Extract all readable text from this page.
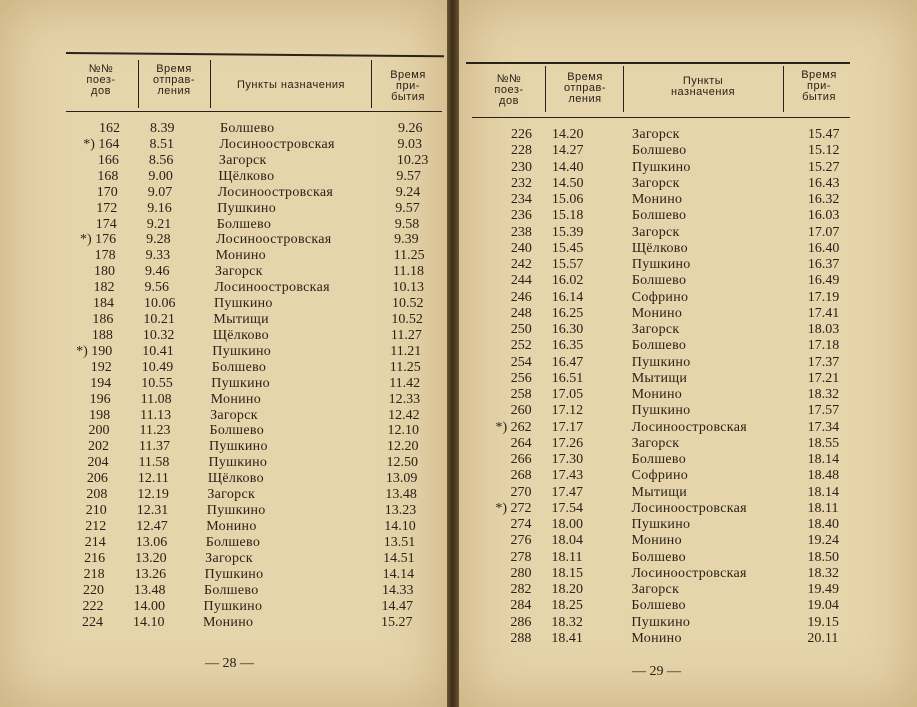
№№
поез-
дов
Время
отправ-
ления	Пункты назначения
Время
при-
бытия
162 8.39	Болшево	9.26
*) 164 8.51	Лосиноостровская	9.03
166 8.56	Загорск	10.23
168 9.00	Щёлково	9.57
170 9.07	Лосиноостровская	9.24
172 9.16	Пушкино	9.57
174 9.21	Болшево	9.58
*) 176 9.28	Лосиноостровская	9.39
178 9.33	Монино	11.25
180 9.46	Загорск	11.18
182 9.56	Лосиноостровская	10.13
184 10.06	Пушкино	10.52
186 10.21	Мытищи	10.52
188 10.32	Щёлково	11.27
*) 190 10.41	Пушкино	11.21
192 10.49	Болшево	11.25
194 10.55	Пушкино	11.42
196 11.08	Монино	12.33
198 11.13	Загорск	12.42
200 11.23	Болшево	12.10
202 11.37	Пушкино	12.20
204 11.58	Пушкино	12.50
206 12.11	Щёлково	13.09
208 12.19	Загорск	13.48
210 12.31	Пушкино	13.23
212 12.47	Монино	14.10
214 13.06	Болшево	13.51
216 13.20	Загорск	14.51
218 13.26	Пушкино	14.14
220 13.48	Болшево	14.33
222 14.00	Пушкино	14.47
224 14.10	Монино	15.27
— 28 —
№№
поез-
дов
Время
отправ-
ления
Пункты
назначения
Время
при-
бытия
226 14.20	Загорск	15.47
228 14.27	Болшево	15.12
230 14.40	Пушкино	15.27
232 14.50	Загорск	16.43
234 15.06	Монино	16.32
236 15.18	Болшево	16.03
238 15.39	Загорск	17.07
240 15.45	Щёлково	16.40
242 15.57	Пушкино	16.37
244 16.02	Болшево	16.49
246 16.14	Софрино	17.19
248 16.25	Монино	17.41
250 16.30	Загорск	18.03
252 16.35	Болшево	17.18
254 16.47	Пушкино	17.37
256 16.51	Мытищи	17.21
258 17.05	Монино	18.32
260 17.12	Пушкино	17.57
*) 262 17.17	Лосиноостровская	17.34
264 17.26	Загорск	18.55
266 17.30	Болшево	18.14
268 17.43	Софрино	18.48
270 17.47	Мытищи	18.14
*) 272 17.54	Лосиноостровская	18.11
274 18.00	Пушкино	18.40
276 18.04	Монино	19.24
278 18.11	Болшево	18.50
280 18.15	Лосиноостровская	18.32
282 18.20	Загорск	19.49
284 18.25	Болшево	19.04
286 18.32	Пушкино	19.15
288 18.41	Монино	20.11
— 29 —
